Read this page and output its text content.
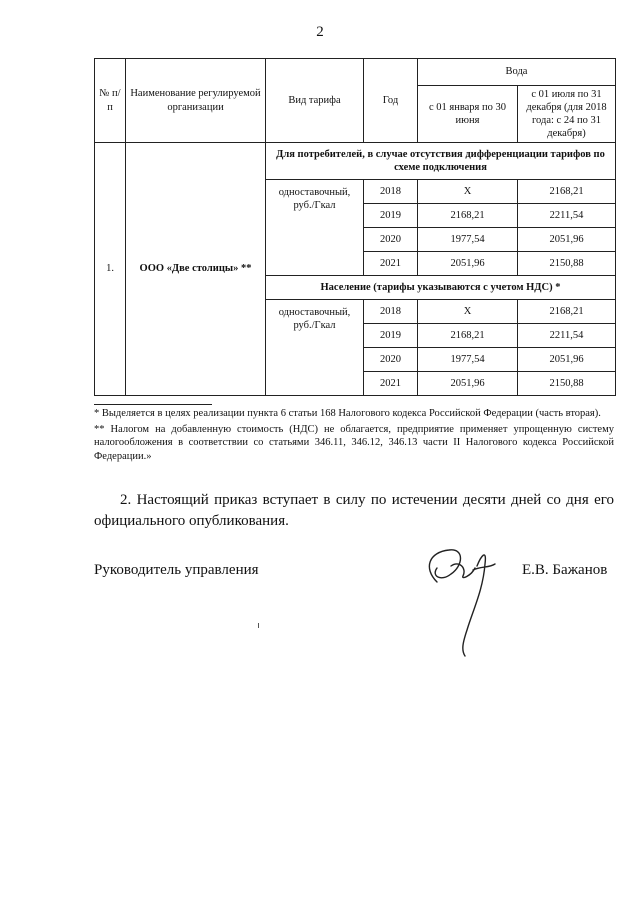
2
№ п/п	Наименование регулируемой организации	Вид тарифа	Год	Вода	
				с 01 января по 30 июня	с 01 июля по 31 декабря (для 2018 года: с 24 по 31 декабря)
1.	ООО «Две столицы» **	Для потребителей, в случае отсутствия дифференциации тарифов по схеме подключения			
		одноставочный, руб./Гкал	2018	Х	2168,21
			2019	2168,21	2211,54
			2020	1977,54	2051,96
			2021	2051,96	2150,88
		Население (тарифы указываются с учетом НДС) *			
		одноставочный, руб./Гкал	2018	Х	2168,21
			2019	2168,21	2211,54
			2020	1977,54	2051,96
			2021	2051,96	2150,88

* Выделяется в целях реализации пункта 6 статьи 168 Налогового кодекса Российской Федерации (часть вторая).

** Налогом на добавленную стоимость (НДС) не облагается, предприятие применяет упрощенную систему налогообложения в соответствии со статьями 346.11, 346.12, 346.13 части II Налогового кодекса Российской Федерации.»

2. Настоящий приказ вступает в силу по истечении десяти дней со дня его официального опубликования.

Руководитель управления	Е.В. Бажанов
